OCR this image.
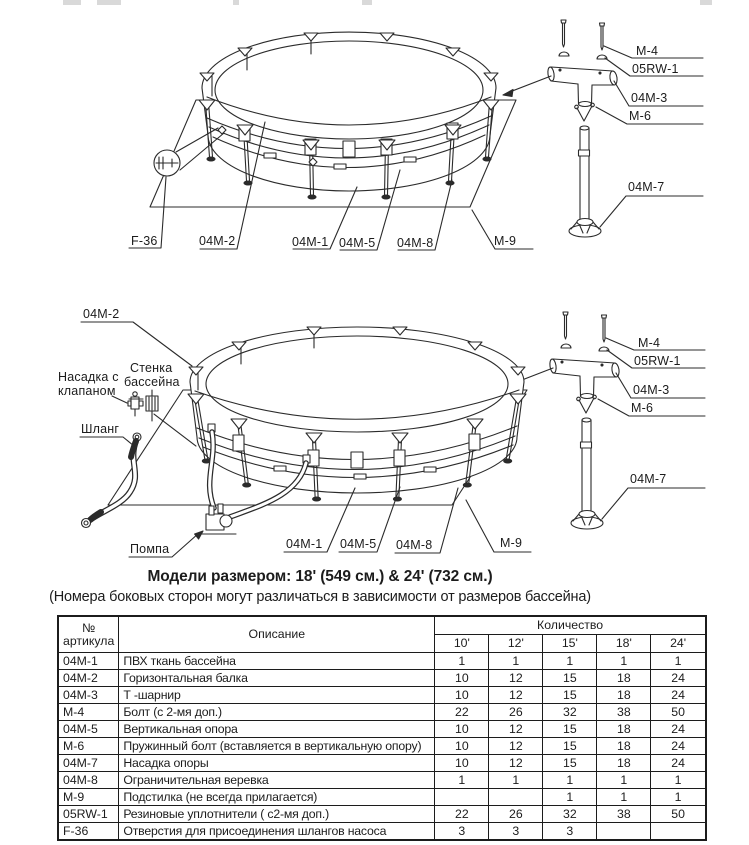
F-36	04M-2	04M-1 04M-5 04M-8	M-9
M-4
05RW-1
04M-3
M-6
04M-7
04M-2
Насадка с
клапаном
Стенка
бассейна
Шланг
Помпа	04M-1 04M-5 04M-8	M-9
M-4
05RW-1
04M-3
M-6
04M-7
Модели размером: 18' (549 см.) & 24' (732 см.)
(Номера боковых сторон могут различаться в зависимости от размеров бассейна)
№
артикула	Описание	Количество				
		10'	12'	15'	18'	24'
04M-1	ПВХ ткань бассейна	1	1	1	1	1
04M-2	Горизонтальная балка	10	12	15	18	24
04M-3	Т -шарнир	10	12	15	18	24
M-4	Болт (с 2-мя доп.)	22	26	32	38	50
04M-5	Вертикальная опора	10	12	15	18	24
M-6	Пружинный болт (вставляется в вертикальную опору)	10	12	15	18	24
04M-7	Насадка опоры	10	12	15	18	24
04M-8	Ограничительная веревка	1	1	1	1	1
M-9	Подстилка (не всегда прилагается)			1	1	1
05RW-1	Резиновые уплотнители ( с2-мя доп.)	22	26	32	38	50
F-36	Отверстия для присоединения шлангов насоса	3	3	3		
